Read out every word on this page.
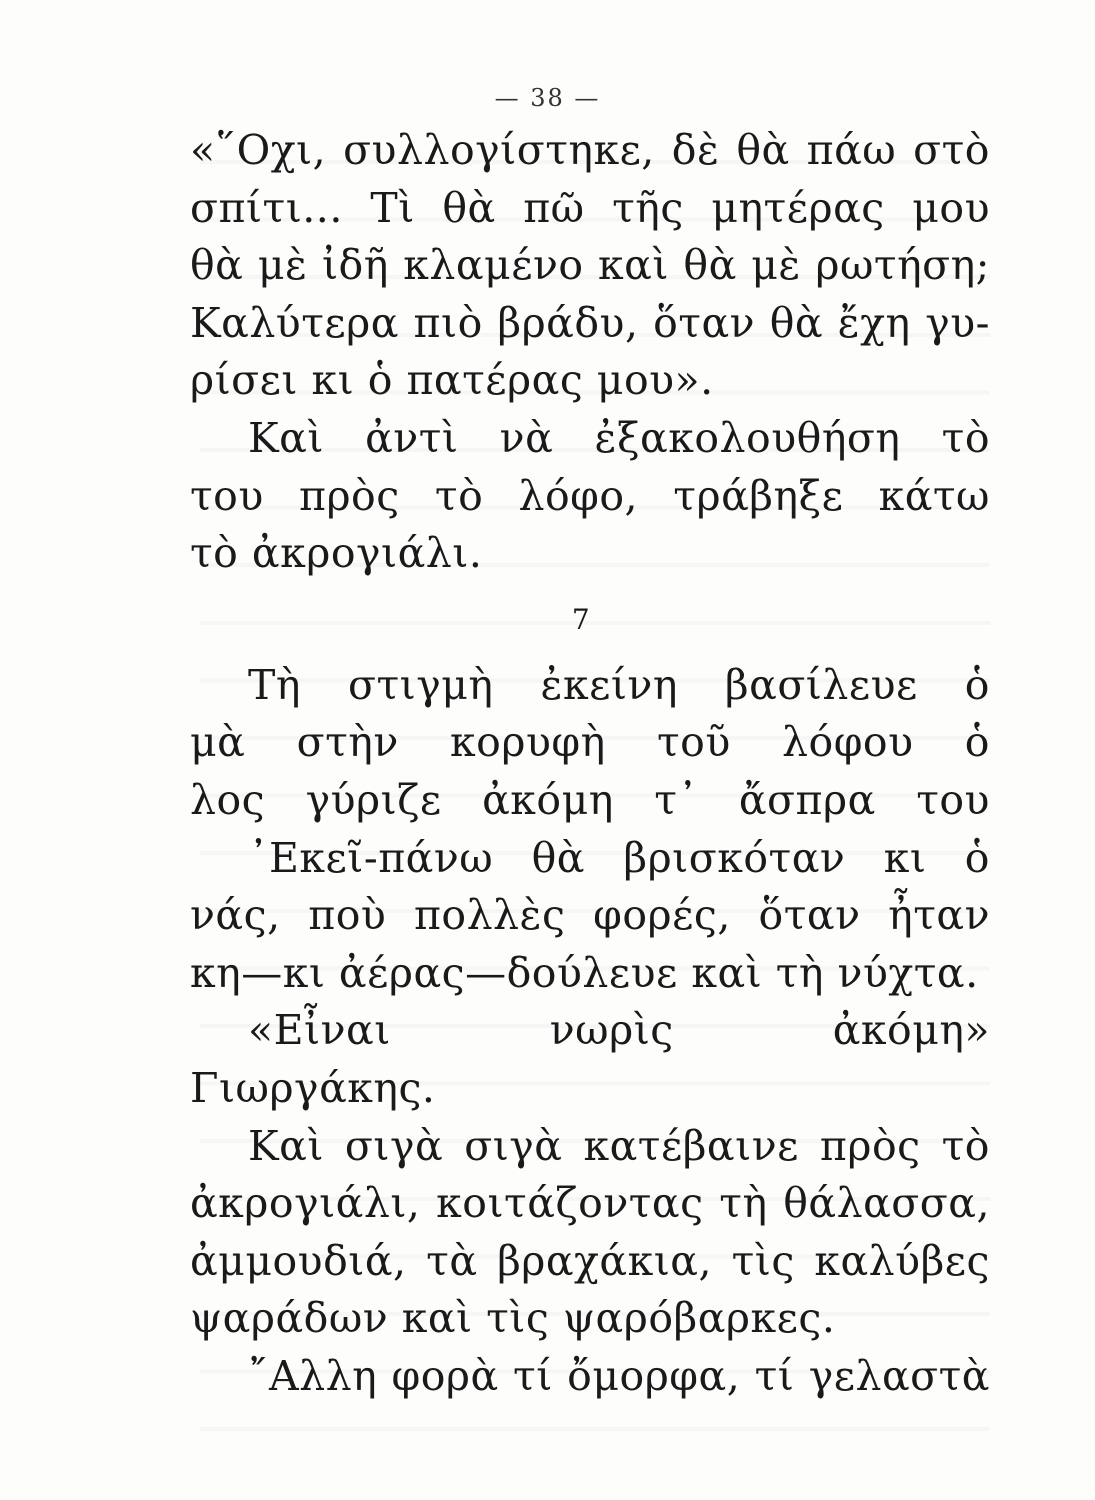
— 38 —
«῞Οχι, συλλογίστηκε, δὲ θὰ πάω στὸ
σπίτι... Τὶ θὰ πῶ τῆς μητέρας μου
θὰ μὲ ἰδῆ κλαμένο καὶ θὰ μὲ ρωτήση;
Καλύτερα πιὸ βράδυ, ὅταν θὰ ἔχη γυ-
ρίσει κι ὁ πατέρας μου».
Καὶ ἀντὶ νὰ ἐξακολουθήση τὸ
του πρὸς τὸ λόφο, τράβηξε κάτω
τὸ ἀκρογιάλι.
7
Τὴ στιγμὴ ἐκείνη βασίλευε ὁ
μὰ στὴν κορυφὴ τοῦ λόφου ὁ
λος γύριζε ἀκόμη τ᾽ ἄσπρα του
᾽Εκεῖ-πάνω θὰ βρισκόταν κι ὁ
νάς, ποὺ πολλὲς φορές, ὅταν ἦταν
κη—κι ἀέρας—δούλευε καὶ τὴ νύχτα.
«Εἶναι νωρὶς ἀκόμη»
Γιωργάκης.
Καὶ σιγὰ σιγὰ κατέβαινε πρὸς τὸ
ἀκρογιάλι, κοιτάζοντας τὴ θάλασσα,
ἀμμουδιά, τὰ βραχάκια, τὶς καλύβες
ψαράδων καὶ τὶς ψαρόβαρκες.
῎Αλλη φορὰ τί ὄμορφα, τί γελαστὰ
